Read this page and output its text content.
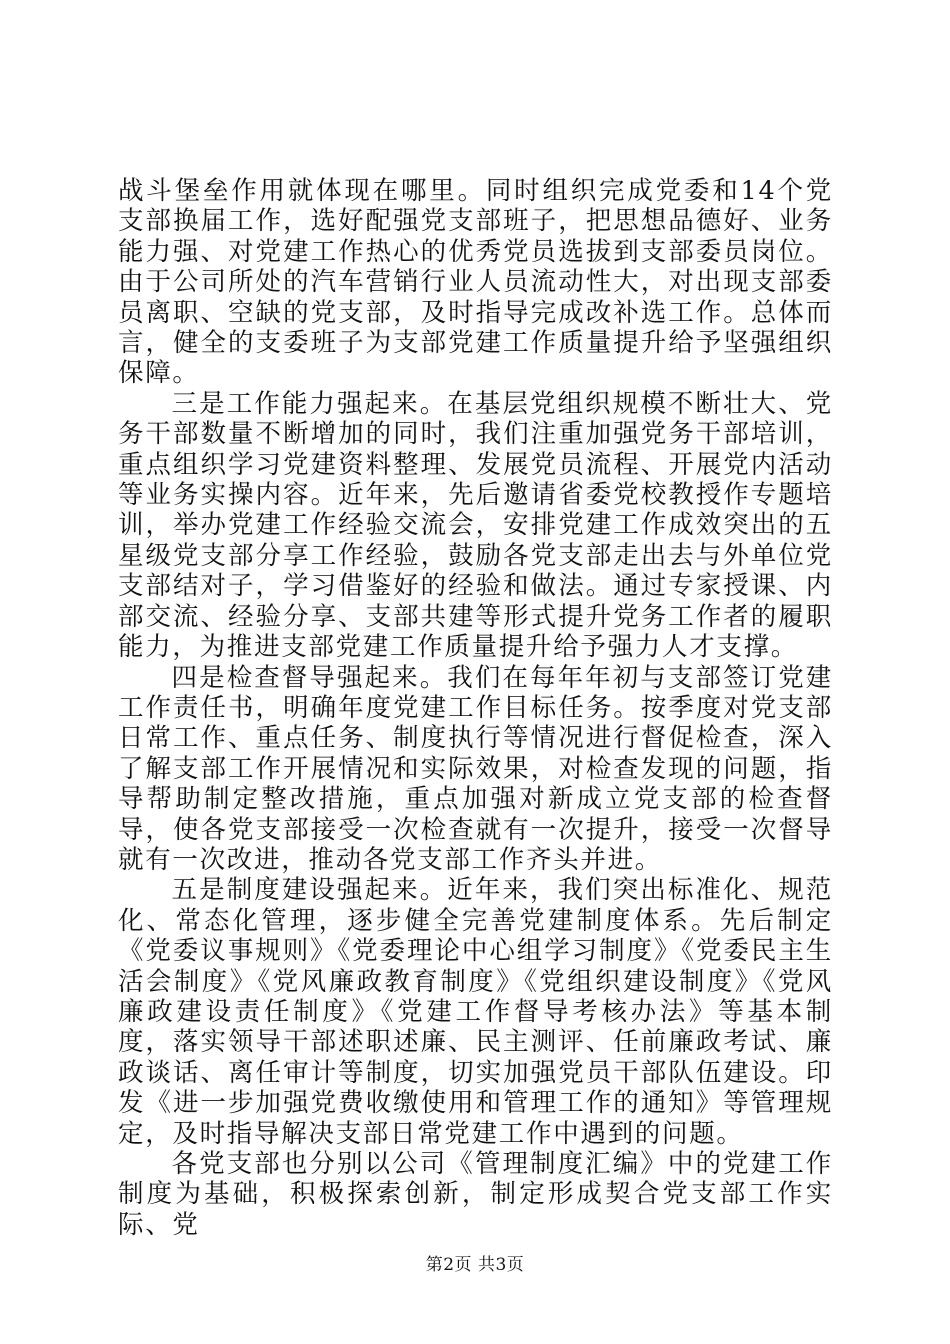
战斗堡垒作用就体现在哪里。同时组织完成党委和14个党支部换届工作，选好配强党支部班子，把思想品德好、业务能力强、对党建工作热心的优秀党员选拔到支部委员岗位。由于公司所处的汽车营销行业人员流动性大，对出现支部委员离职、空缺的党支部，及时指导完成改补选工作。总体而言，健全的支委班子为支部党建工作质量提升给予坚强组织保障。

三是工作能力强起来。在基层党组织规模不断壮大、党务干部数量不断增加的同时，我们注重加强党务干部培训，重点组织学习党建资料整理、发展党员流程、开展党内活动等业务实操内容。近年来，先后邀请省委党校教授作专题培训，举办党建工作经验交流会，安排党建工作成效突出的五星级党支部分享工作经验，鼓励各党支部走出去与外单位党支部结对子，学习借鉴好的经验和做法。通过专家授课、内部交流、经验分享、支部共建等形式提升党务工作者的履职能力，为推进支部党建工作质量提升给予强力人才支撑。

四是检查督导强起来。我们在每年年初与支部签订党建工作责任书，明确年度党建工作目标任务。按季度对党支部日常工作、重点任务、制度执行等情况进行督促检查，深入了解支部工作开展情况和实际效果，对检查发现的问题，指导帮助制定整改措施，重点加强对新成立党支部的检查督导，使各党支部接受一次检查就有一次提升，接受一次督导就有一次改进，推动各党支部工作齐头并进。

五是制度建设强起来。近年来，我们突出标准化、规范化、常态化管理，逐步健全完善党建制度体系。先后制定《党委议事规则》《党委理论中心组学习制度》《党委民主生活会制度》《党风廉政教育制度》《党组织建设制度》《党风廉政建设责任制度》《党建工作督导考核办法》等基本制度，落实领导干部述职述廉、民主测评、任前廉政考试、廉政谈话、离任审计等制度，切实加强党员干部队伍建设。印发《进一步加强党费收缴使用和管理工作的通知》等管理规定，及时指导解决支部日常党建工作中遇到的问题。

各党支部也分别以公司《管理制度汇编》中的党建工作制度为基础，积极探索创新，制定形成契合党支部工作实际、党

第2页 共3页
